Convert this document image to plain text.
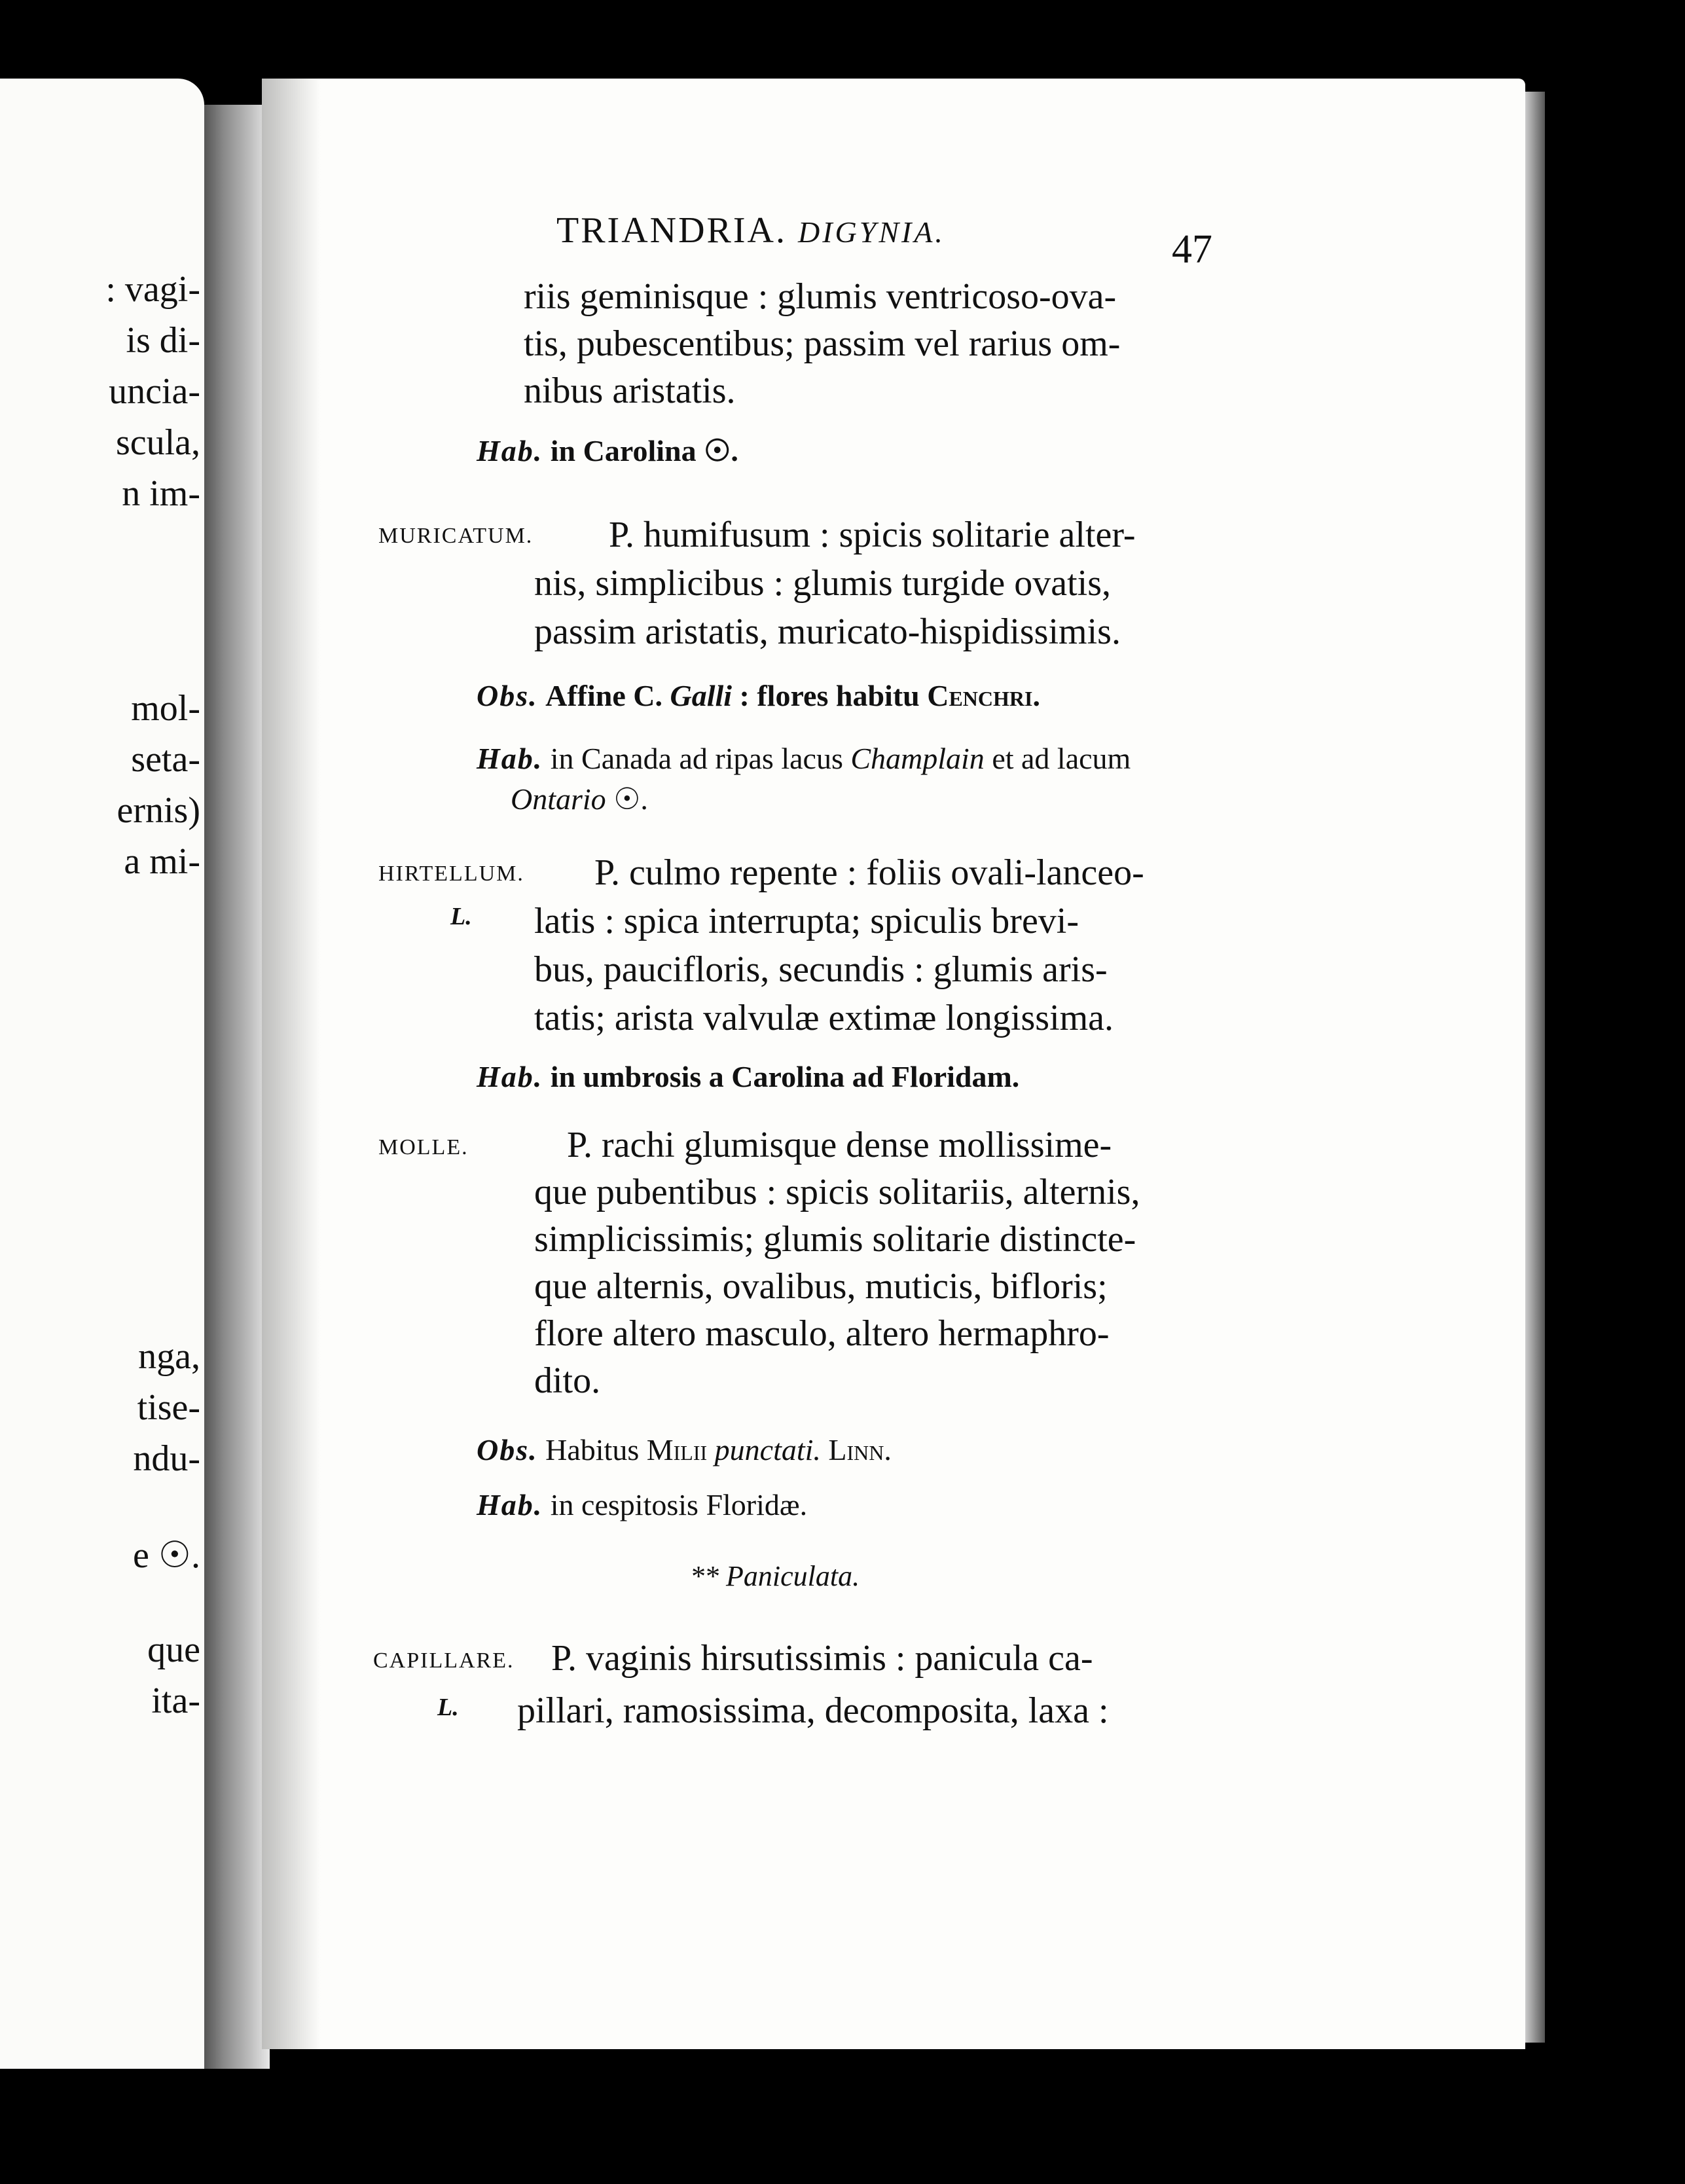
: vagi-
is di-
uncia-
scula,
n im-
mol-
seta-
ernis)
a mi-
nga,
tise-
ndu-
e ☉.
que
ita-
TRIANDRIA. DIGYNIA.	47
riis geminisque : glumis ventricoso-ova-
tis, pubescentibus; passim vel rarius om-
nibus aristatis.
Hab. in Carolina ☉.
MURICATUM. P. humifusum : spicis solitarie alter-
nis, simplicibus : glumis turgide ovatis,
passim aristatis, muricato-hispidissimis.
Obs. Affine C. Galli : flores habitu Cenchri.
Hab. in Canada ad ripas lacus Champlain et ad lacum
Ontario ☉.
HIRTELLUM.
L.
P. culmo repente : foliis ovali-lanceo-
latis : spica interrupta; spiculis brevi-
bus, paucifloris, secundis : glumis aris-
tatis; arista valvulæ extimæ longissima.
Hab. in umbrosis a Carolina ad Floridam.
MOLLE.	P. rachi glumisque dense mollissime-
que pubentibus : spicis solitariis, alternis,
simplicissimis; glumis solitarie distincte-
que alternis, ovalibus, muticis, bifloris;
flore altero masculo, altero hermaphro-
dito.
Obs. Habitus Milii punctati. Linn.
Hab. in cespitosis Floridæ.
** Paniculata.
CAPILLARE.
L.
P. vaginis hirsutissimis : panicula ca-
pillari, ramosissima, decomposita, laxa :
